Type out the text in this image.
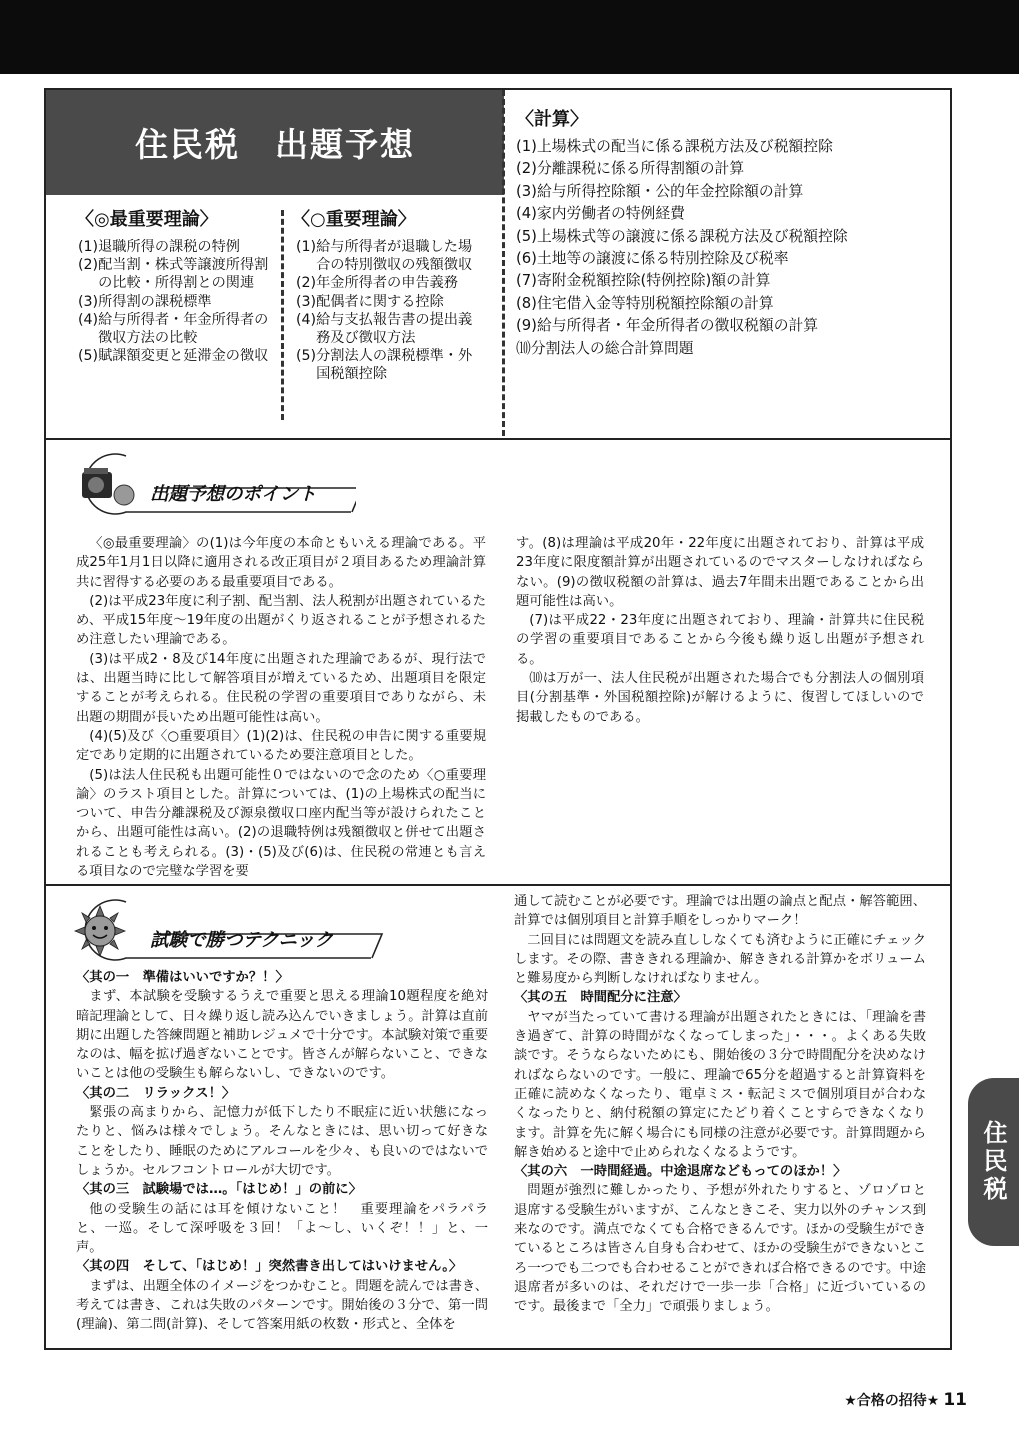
住民税　出題予想
〈◎最重要理論〉
(1) 退職所得の課税の特例
(2) 配当割・株式等譲渡所得割の比較・所得割との関連
(3) 所得割の課税標準
(4) 給与所得者・年金所得者の徴収方法の比較
(5) 賦課額変更と延滞金の徴収
〈○重要理論〉
(1) 給与所得者が退職した場合の特別徴収の残額徴収
(2) 年金所得者の申告義務
(3) 配偶者に関する控除
(4) 給与支払報告書の提出義務及び徴収方法
(5) 分割法人の課税標準・外国税額控除
〈計算〉
(1)上場株式の配当に係る課税方法及び税額控除
(2)分離課税に係る所得割額の計算
(3)給与所得控除額・公的年金控除額の計算
(4)家内労働者の特例経費
(5)上場株式等の譲渡に係る課税方法及び税額控除
(6)土地等の譲渡に係る特別控除及び税率
(7)寄附金税額控除(特例控除)額の計算
(8)住宅借入金等特別税額控除額の計算
(9)給与所得者・年金所得者の徴収税額の計算
⑽分割法人の総合計算問題
出題予想のポイント

〈◎最重要理論〉の(1)は今年度の本命ともいえる理論である。平成25年1月1日以降に適用される改正項目が２項目あるため理論計算共に習得する必要のある最重要項目である。

(2)は平成23年度に利子割、配当割、法人税割が出題されているため、平成15年度〜19年度の出題がくり返されることが予想されるため注意したい理論である。

(3)は平成2・8及び14年度に出題された理論であるが、現行法では、出題当時に比して解答項目が増えているため、出題項目を限定することが考えられる。住民税の学習の重要項目でありながら、未出題の期間が長いため出題可能性は高い。

(4)(5)及び〈○重要項目〉(1)(2)は、住民税の申告に関する重要規定であり定期的に出題されているため要注意項目とした。

(5)は法人住民税も出題可能性０ではないので念のため〈○重要理論〉のラスト項目とした。計算については、(1)の上場株式の配当について、申告分離課税及び源泉徴収口座内配当等が設けられたことから、出題可能性は高い。(2)の退職特例は残額徴収と併せて出題されることも考えられる。(3)・(5)及び(6)は、住民税の常連とも言える項目なので完璧な学習を要

す。(8)は理論は平成20年・22年度に出題されており、計算は平成23年度に限度額計算が出題されているのでマスターしなければならない。(9)の徴収税額の計算は、過去7年間未出題であることから出題可能性は高い。

(7)は平成22・23年度に出題されており、理論・計算共に住民税の学習の重要項目であることから今後も繰り返し出題が予想される。

⑽は万が一、法人住民税が出題された場合でも分割法人の個別項目(分割基準・外国税額控除)が解けるように、復習してほしいので掲載したものである。

試験で勝つテクニック

〈其の一　準備はいいですか？！〉

まず、本試験を受験するうえで重要と思える理論10題程度を絶対暗記理論として、日々繰り返し読み込んでいきましょう。計算は直前期に出題した答練問題と補助レジュメで十分です。本試験対策で重要なのは、幅を拡げ過ぎないことです。皆さんが解らないこと、できないことは他の受験生も解らないし、できないのです。

〈其の二　リラックス！〉

緊張の高まりから、記憶力が低下したり不眠症に近い状態になったりと、悩みは様々でしょう。そんなときには、思い切って好きなことをしたり、睡眠のためにアルコールを少々、も良いのではないでしょうか。セルフコントロールが大切です。

〈其の三　試験場では…。「はじめ！」の前に〉

他の受験生の話には耳を傾けないこと！　重要理論をパラパラと、一巡。そして深呼吸を３回！「よ〜し、いくぞ！！」と、一声。

〈其の四　そして、「はじめ！」突然書き出してはいけません。〉

まずは、出題全体のイメージをつかむこと。問題を読んでは書き、考えては書き、これは失敗のパターンです。開始後の３分で、第一問(理論)、第二問(計算)、そして答案用紙の枚数・形式と、全体を

通して読むことが必要です。理論では出題の論点と配点・解答範囲、計算では個別項目と計算手順をしっかりマーク！

二回目には問題文を読み直ししなくても済むように正確にチェックします。その際、書ききれる理論か、解ききれる計算かをボリュームと難易度から判断しなければなりません。

〈其の五　時間配分に注意〉

ヤマが当たっていて書ける理論が出題されたときには、「理論を書き過ぎて、計算の時間がなくなってしまった」・・・。よくある失敗談です。そうならないためにも、開始後の３分で時間配分を決めなければならないのです。一般に、理論で65分を超過すると計算資料を正確に読めなくなったり、電卓ミス・転記ミスで個別項目が合わなくなったりと、納付税額の算定にたどり着くことすらできなくなります。計算を先に解く場合にも同様の注意が必要です。計算問題から解き始めると途中で止められなくなるようです。

〈其の六　一時間経過。中途退席などもってのほか！〉

問題が強烈に難しかったり、予想が外れたりすると、ゾロゾロと退席する受験生がいますが、こんなときこそ、実力以外のチャンス到来なのです。満点でなくても合格できるんです。ほかの受験生ができているところは皆さん自身も合わせて、ほかの受験生ができないところ一つでも二つでも合わせることができれば合格できるのです。中途退席者が多いのは、それだけで一歩一歩「合格」に近づいているのです。最後まで「全力」で頑張りましょう。

住民税
★合格の招待★ 11
